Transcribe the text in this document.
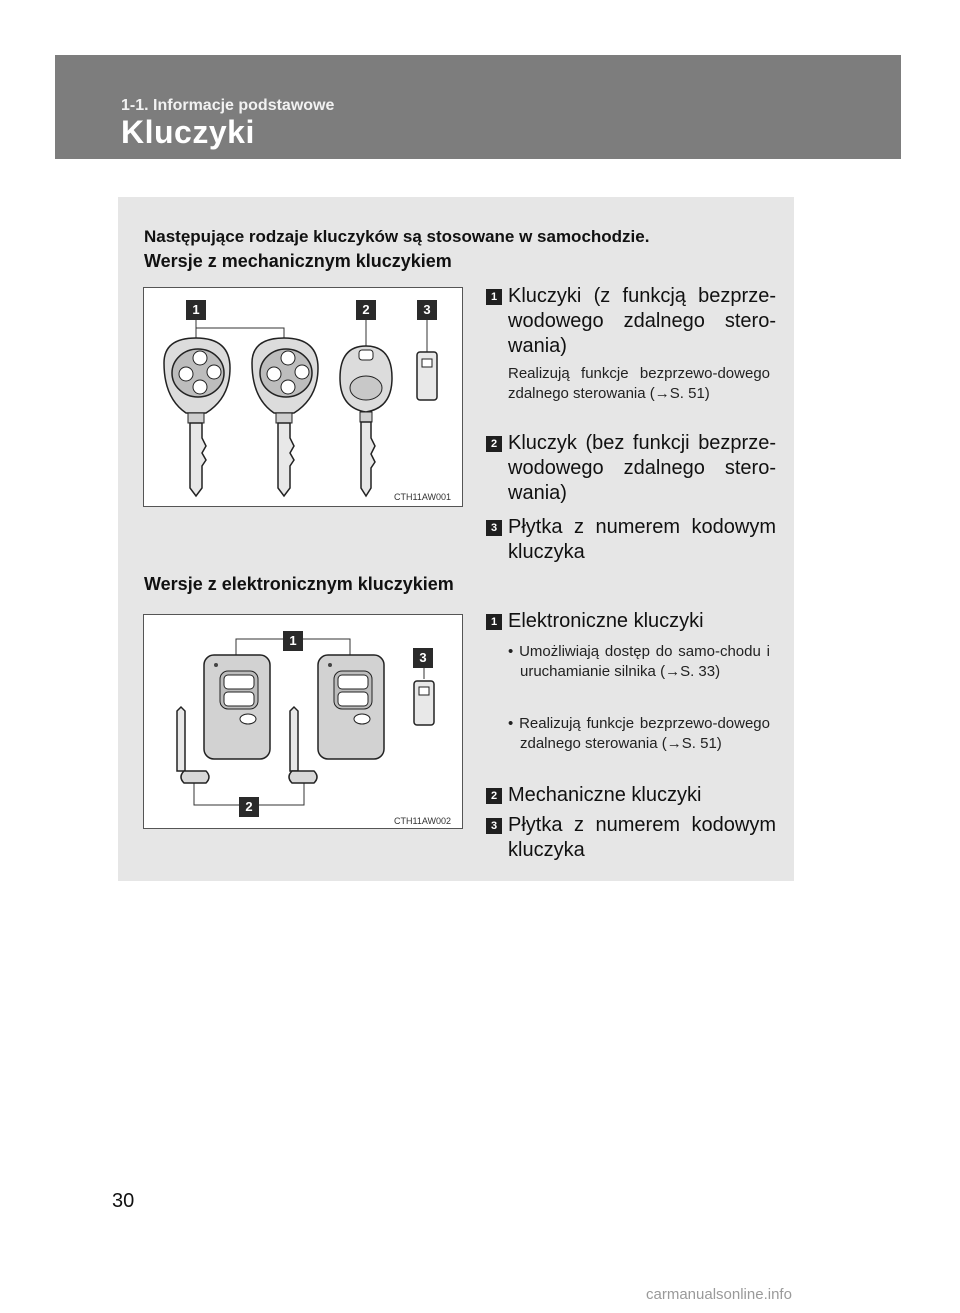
1-1. Informacje podstawowe
Kluczyki
Następujące rodzaje kluczyków są stosowane w samochodzie.
Wersje z mechanicznym kluczykiem
1	2	3
CTH11AW001
1 Kluczyki (z funkcją bezprze-wodowego zdalnego stero-wania)
Realizują funkcje bezprzewo-dowego zdalnego sterowania (→S. 51)
2 Kluczyk (bez funkcji bezprze-wodowego zdalnego stero-wania)
3 Płytka z numerem kodowym kluczyka
Wersje z elektronicznym kluczykiem
1
3
2
CTH11AW002
1 Elektroniczne kluczyki
• Umożliwiają dostęp do samo-chodu i uruchamianie silnika (→S. 33)
• Realizują funkcje bezprzewo-dowego zdalnego sterowania (→S. 51)
2 Mechaniczne kluczyki
3 Płytka z numerem kodowym kluczyka
30
carmanualsonline.info
